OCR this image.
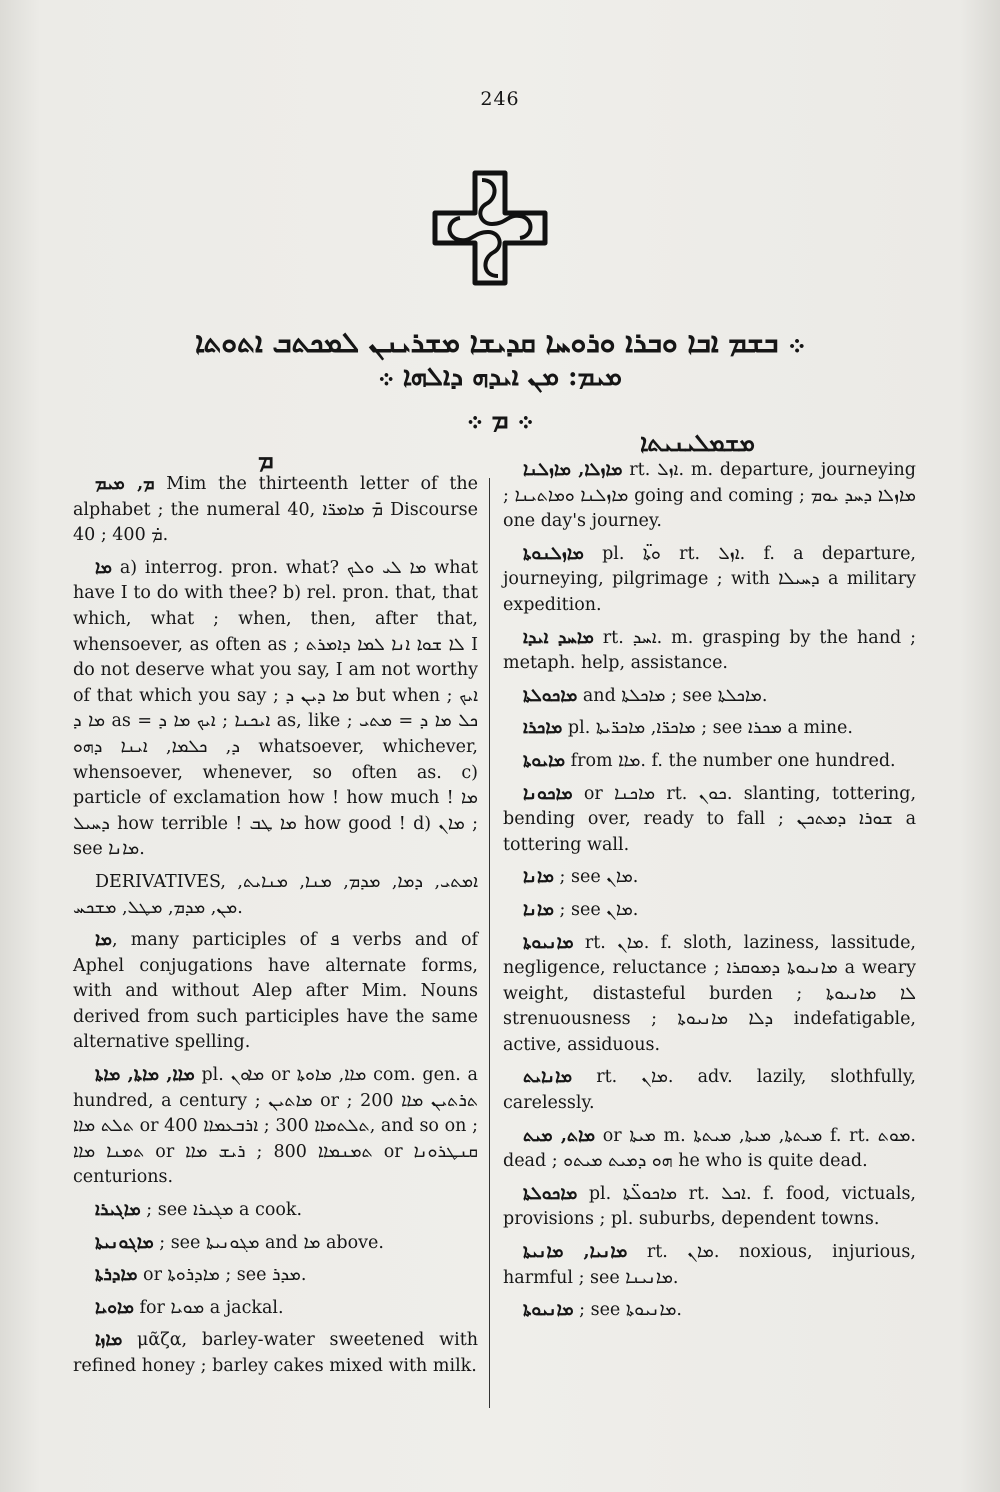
246
܀ ܒܫܡ ܐܒܐ ܘܒܪܐ ܘܪܘܚܐ ܩܕܝܫܐ ܡܫܪܝܢܢ ܠܡܟܬܒ ܐܬܘܬܐ
ܡܝܡ: ܡܢ ܐܝܕܗ ܕܐܠܗܐ ܀
܀ ܡ ܀
ܡ
ܡܫܡܠܝܢܝܬܐ

ܡ, ܡܝܡ Mim the thirteenth letter of the alphabet ; the numeral 40, ܡ̄ ܡܐܡܪ̈ܐ Discourse 40 ; ܡ̇ 400.

ܡܐ a) interrog. pron. what? ܡܐ ܠܝ ܘܠܟ what have I to do with thee? b) rel. pron. that, that which, what ; when, then, after that, whensoever, as often as ; ܠܐ ܫܘܐ ܐܢܐ ܠܡܐ ܕܐܡܪܬ I do not deserve what you say, I am not worthy of that which you say ; ܡܐ ܕܝܢ ܕ but when ; ܐܝܟ ܡܐ ܕ as = ܐܝܟܢܐ ; ܐܝܟ ܡܐ ܕ as, like ; ܟܠ ܡܐ ܕ = ܡܬܝ ܕ, ܟܠܡܐ, ܐܝܢܐ ܕܗܘ whatsoever, whichever, whensoever, whenever, so often as. c) particle of exclamation how ! how much ! ܡܐ ܕܚܝܠ how terrible ! ܡܐ ܛܒ how good ! d) ܡܐܢ ; see ܡܐܢܐ.

DERIVATIVES, ܐܡܬܝ, ܕܡܐ, ܡܕܡ, ܡܢܐ, ܡܢܐܝܬ, ܡܢ, ܡܕܡ, ܡܛܠ, ܡܫܟܚ.

ܡܐ, many participles of ܦ verbs and of Aphel conjugations have alternate forms, with and without Alep after Mim. Nouns derived from such participles have the same alternative spelling.

ܡܐܐ, ܡܐܬܐ, ܡܐܬܐ pl. ܡܐܘܢ or ܡܐܐ, ܡܐܘܬܐ com. gen. a hundred, a century ; ܡܐܬܝܢ or ܬܪܬܝܢ ܡܐܐ 200 ; ܬܠܬ ܡܐܐ or ܬܠܬܡܐܐ 300 ; ܐܪܒܥܡܐܐ 400, and so on ; ܬܡܢܐ ܡܐܐ or ܬܡܢܡܐܐ 800 ; ܪܝܫ ܡܐܐ or ܩܢܛܪܘܢܐ centurions.

ܡܐܓܝܪܐ ; see ܡܓܝܪܐ a cook.

ܡܐܓܘܢܝܬܐ ; see ܡܓܘܢܝܬܐ and ܡܐ above.

ܡܐܕܪܬܐ or ܡܐܕܪܘܬܐ ; see ܡܕܪ.

ܡܐܘܝܐ for ܡܘܝܐ a jackal.

ܡܐܙܐ μᾶζα, barley-water sweetened with refined honey ; barley cakes mixed with milk.

ܡܐܙܠܐ, ܡܐܙܠܢܐ rt. ܐܙܠ. m. departure, journeying ; ܡܐܙܠܢܐ ܘܡܐܬܝܢܐ going and coming ; ܡܐܙܠܐ ܕܚܕ ܝܘܡ one day's journey.

ܡܐܙܠܢܘܬܐ pl. ܘܬ̈ܐ rt. ܐܙܠ. f. a departure, journeying, pilgrimage ; with ܕܚܝܠܐ a military expedition.

ܡܐܚܕ ܐܝܕܐ rt. ܐܚܕ. m. grasping by the hand ; metaph. help, assistance.

ܡܐܟܘܠܬܐ and ܡܐܟܠܬܐ ; see ܡܐܟܠܬܐ.

ܡܐܟܪܐ pl. ܡܐܟܪ̈ܐ, ܡܐܟܪ̈ܝܬܐ ; see ܡܟܪܐ a mine.

ܡܐܝܘܬܐ from ܡܐܐ. f. the number one hundred.

ܡܐܟܘܢܐ or ܡܐܟܢܐ rt. ܟܘܢ. slanting, tottering, bending over, ready to fall ; ܫܘܪܐ ܕܡܬܟܢ a tottering wall.

ܡܐܢܐ ; see ܡܐܢ.

ܡܐܢܐ ; see ܡܐܢ.

ܡܐܢܝܘܬܐ rt. ܡܐܢ. f. sloth, laziness, lassitude, negligence, reluctance ; ܡܐܢܝܘܬܐ ܕܡܘܩܪܐ a weary weight, distasteful burden ; ܠܐ ܡܐܢܝܘܬܐ strenuousness ; ܕܠܐ ܡܐܢܝܘܬܐ indefatigable, active, assiduous.

ܡܐܢܐܝܬ rt. ܡܐܢ. adv. lazily, slothfully, carelessly.

ܡܐܬ, ܡܝܬ or ܡܝܬܐ m. ܡܝܬܬܐ, ܡܝܬܐ, ܡܝܬܬܐ f. rt. ܡܘܬ. dead ; ܗܘ ܕܡܝܬ ܡܝܬܘ he who is quite dead.

ܡܐܟܘܠܬܐ pl. ܡܐܟܘܠ̈ܬܐ rt. ܐܟܠ. f. food, victuals, provisions ; pl. suburbs, dependent towns.

ܡܐܢܝܐ, ܡܐܢܝܬܐ rt. ܡܐܢ. noxious, injurious, harmful ; see ܡܐܢܝܢܐ.

ܡܐܢܝܘܬܐ ; see ܡܐܢܝܘܬܐ.
